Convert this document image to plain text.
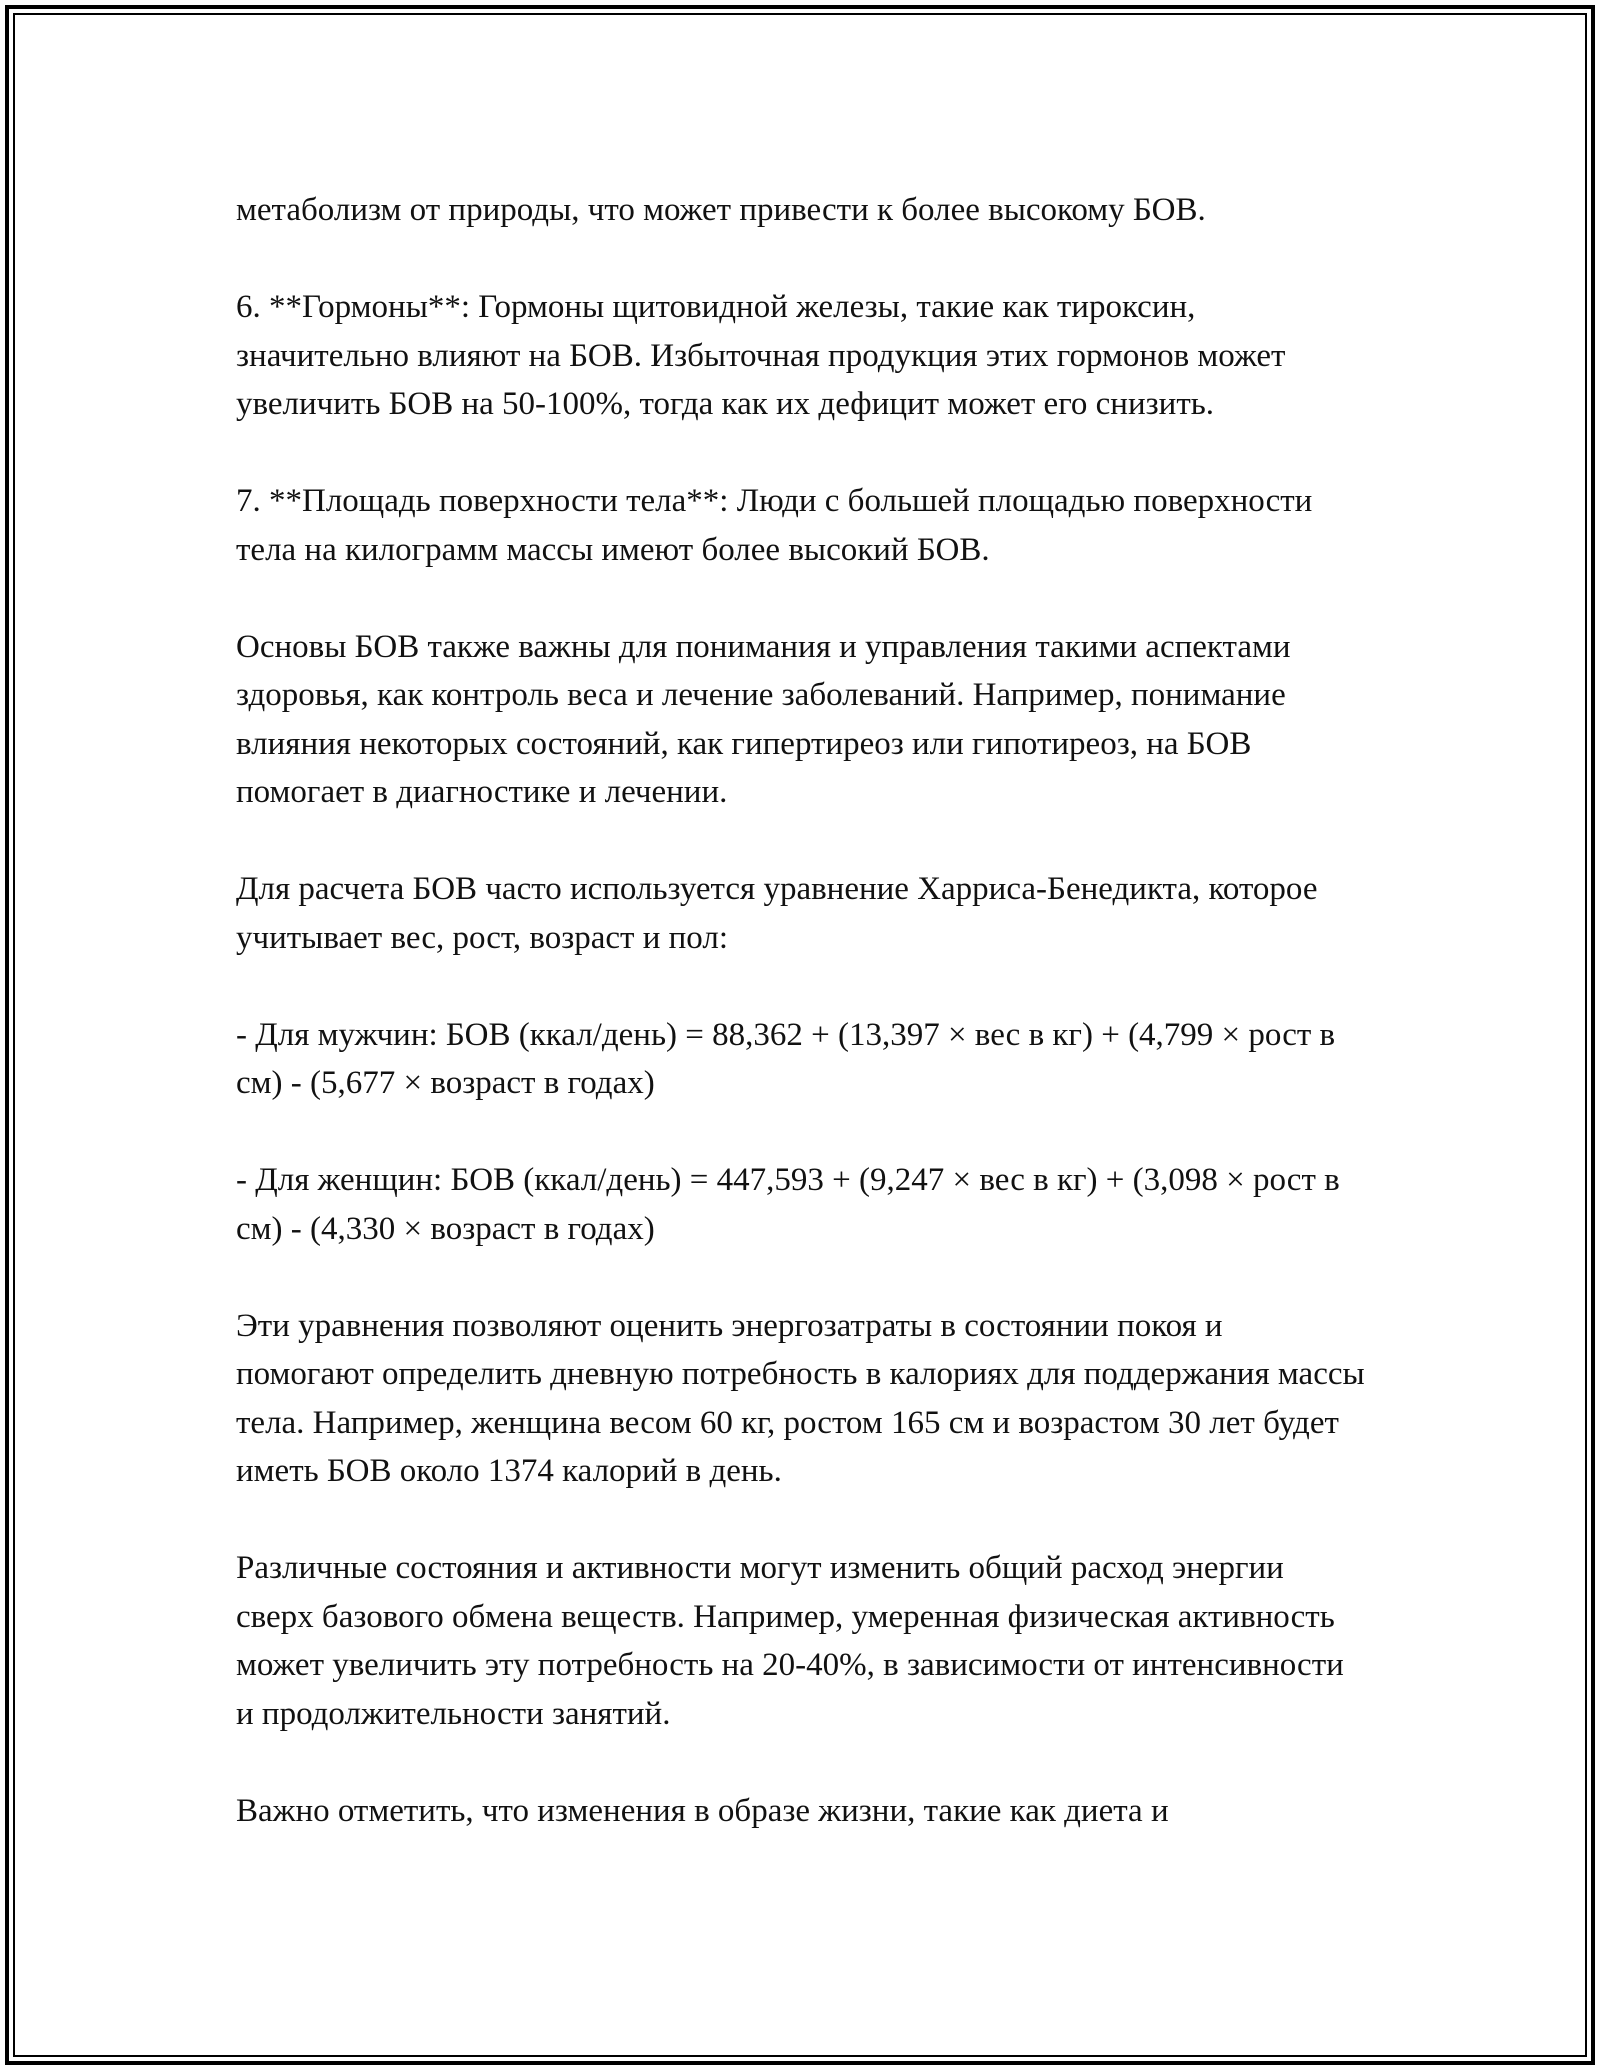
метаболизм от природы, что может привести к более высокому БОВ.

6. **Гормоны**: Гормоны щитовидной железы, такие как тироксин, значительно влияют на БОВ. Избыточная продукция этих гормонов может увеличить БОВ на 50-100%, тогда как их дефицит может его снизить.

7. **Площадь поверхности тела**: Люди с большей площадью поверхности тела на килограмм массы имеют более высокий БОВ.

Основы БОВ также важны для понимания и управления такими аспектами здоровья, как контроль веса и лечение заболеваний. Например, понимание влияния некоторых состояний, как гипертиреоз или гипотиреоз, на БОВ помогает в диагностике и лечении.

Для расчета БОВ часто используется уравнение Харриса-Бенедикта, которое учитывает вес, рост, возраст и пол:

- Для мужчин: БОВ (ккал/день) = 88,362 + (13,397 × вес в кг) + (4,799 × рост в см) - (5,677 × возраст в годах)

- Для женщин: БОВ (ккал/день) = 447,593 + (9,247 × вес в кг) + (3,098 × рост в см) - (4,330 × возраст в годах)

Эти уравнения позволяют оценить энергозатраты в состоянии покоя и помогают определить дневную потребность в калориях для поддержания массы тела. Например, женщина весом 60 кг, ростом 165 см и возрастом 30 лет будет иметь БОВ около 1374 калорий в день.

Различные состояния и активности могут изменить общий расход энергии сверх базового обмена веществ. Например, умеренная физическая активность может увеличить эту потребность на 20-40%, в зависимости от интенсивности и продолжительности занятий.

Важно отметить, что изменения в образе жизни, такие как диета и
